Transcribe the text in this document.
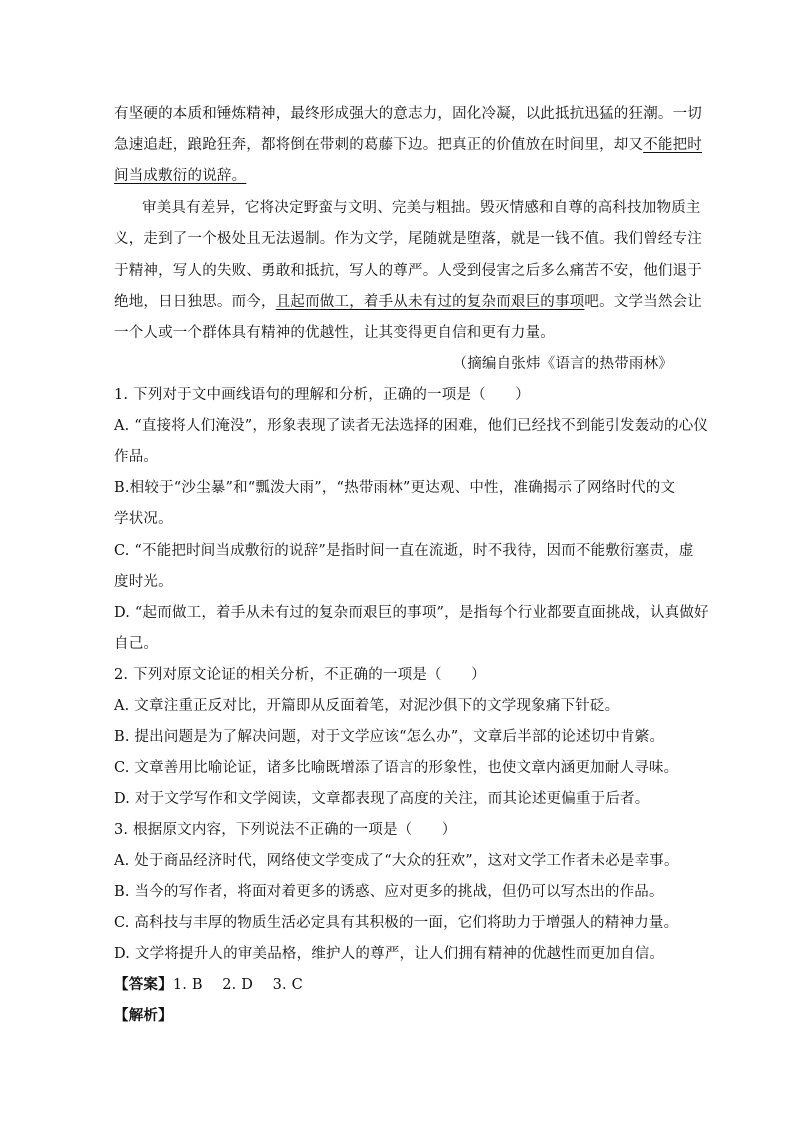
有坚硬的本质和锤炼精神，最终形成强大的意志力，固化冷凝，以此抵抗迅猛的狂潮。一切
急速追赶，踉跄狂奔，都将倒在带刺的葛藤下边。把真正的价值放在时间里，却又不能把时
间当成敷衍的说辞。
审美具有差异，它将决定野蛮与文明、完美与粗拙。毁灭情感和自尊的高科技加物质主
义，走到了一个极处且无法遏制。作为文学，尾随就是堕落，就是一钱不值。我们曾经专注
于精神，写人的失败、勇敢和抵抗，写人的尊严。人受到侵害之后多么痛苦不安，他们退于
绝地，日日独思。而今，且起而做工，着手从未有过的复杂而艰巨的事项吧。文学当然会让
一个人或一个群体具有精神的优越性，让其变得更自信和更有力量。
（摘编自张炜《语言的热带雨林》
1. 下列对于文中画线语句的理解和分析，正确的一项是（　　）
A. “直接将人们淹没”，形象表现了读者无法选择的困难，他们已经找不到能引发轰动的心仪
作品。
B.相较于“沙尘暴”和“瓢泼大雨”，“热带雨林”更达观、中性，准确揭示了网络时代的文
学状况。
C. “不能把时间当成敷衍的说辞”是指时间一直在流逝，时不我待，因而不能敷衍塞责，虚
度时光。
D. “起而做工，着手从未有过的复杂而艰巨的事项”，是指每个行业都要直面挑战，认真做好
自己。
2. 下列对原文论证的相关分析，不正确的一项是（　　）
A. 文章注重正反对比，开篇即从反面着笔，对泥沙俱下的文学现象痛下针砭。
B. 提出问题是为了解决问题，对于文学应该“怎么办”，文章后半部的论述切中肯綮。
C. 文章善用比喻论证，诸多比喻既增添了语言的形象性，也使文章内涵更加耐人寻味。
D. 对于文学写作和文学阅读，文章都表现了高度的关注，而其论述更偏重于后者。
3. 根据原文内容，下列说法不正确的一项是（　　）
A. 处于商品经济时代，网络使文学变成了“大众的狂欢”，这对文学工作者未必是幸事。
B. 当今的写作者，将面对着更多的诱惑、应对更多的挑战，但仍可以写杰出的作品。
C. 高科技与丰厚的物质生活必定具有其积极的一面，它们将助力于增强人的精神力量。
D. 文学将提升人的审美品格，维护人的尊严，让人们拥有精神的优越性而更加自信。
【答案】1. B　 2. D　 3. C
【解析】
